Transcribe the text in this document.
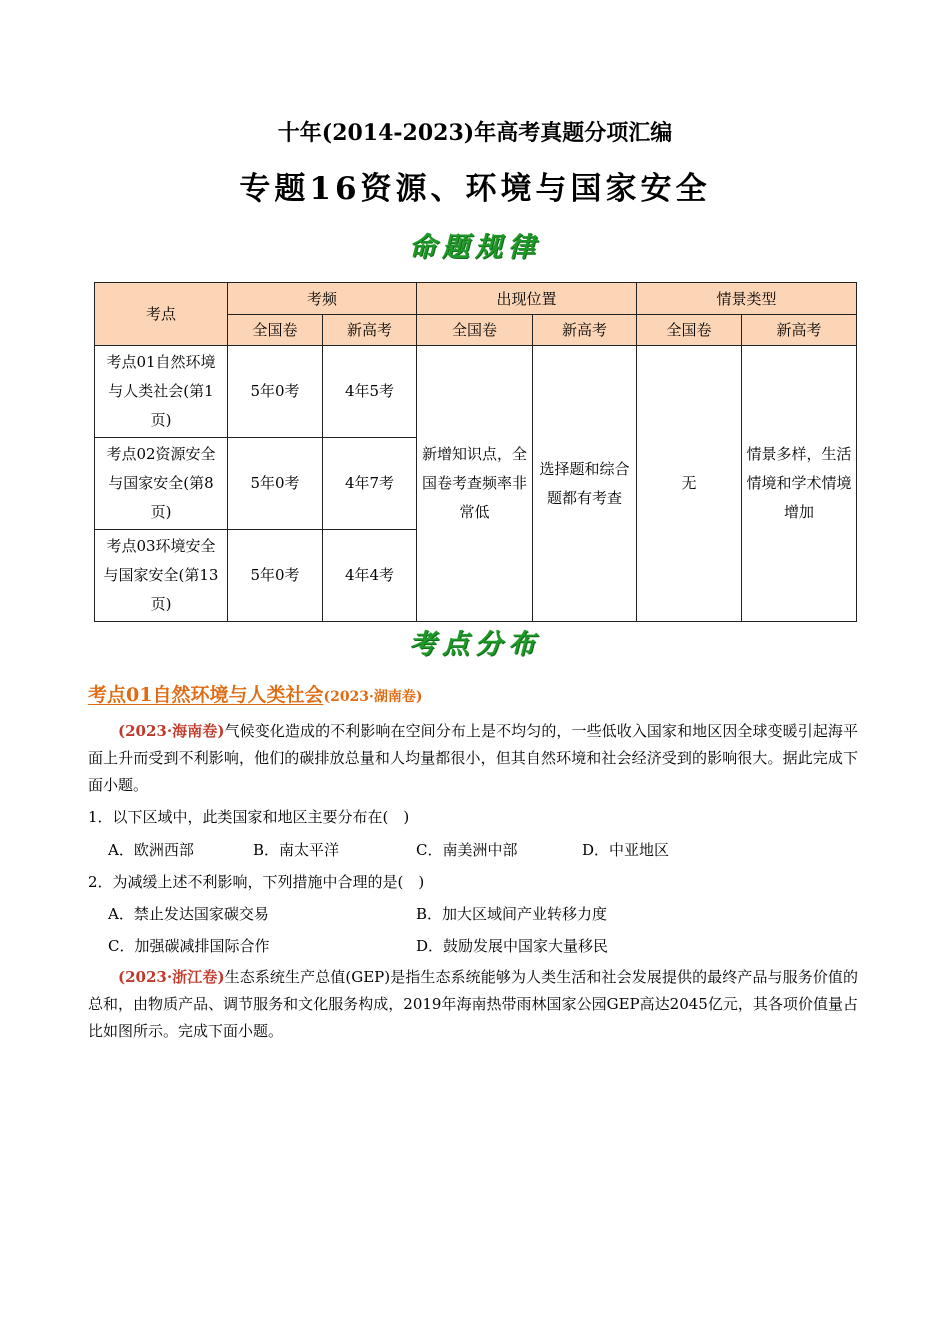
十年(2014-2023)年高考真题分项汇编
专题16资源、环境与国家安全
命题规律
考点	考频		出现位置		情景类型	
	全国卷	新高考	全国卷	新高考	全国卷	新高考
考点01自然环境与人类社会(第1页)	5年0考	4年5考	新增知识点，全国卷考查频率非常低	选择题和综合题都有考查	无	情景多样，生活情境和学术情境增加
考点02资源安全与国家安全(第8页)	5年0考	4年7考				
考点03环境安全与国家安全(第13页)	5年0考	4年4考				
考点分布
考点01自然环境与人类社会(2023·湖南卷)
(2023·海南卷)气候变化造成的不利影响在空间分布上是不均匀的，一些低收入国家和地区因全球变暖引起海平面上升而受到不利影响，他们的碳排放总量和人均量都很小，但其自然环境和社会经济受到的影响很大。据此完成下面小题。
1．以下区域中，此类国家和地区主要分布在(　)
A．欧洲西部	B．南太平洋	C．南美洲中部	D．中亚地区
2．为减缓上述不利影响，下列措施中合理的是(　)
A．禁止发达国家碳交易	B．加大区域间产业转移力度
C．加强碳减排国际合作	D．鼓励发展中国家大量移民
(2023·浙江卷)生态系统生产总值(GEP)是指生态系统能够为人类生活和社会发展提供的最终产品与服务价值的总和，由物质产品、调节服务和文化服务构成，2019年海南热带雨林国家公园GEP高达2045亿元，其各项价值量占比如图所示。完成下面小题。
